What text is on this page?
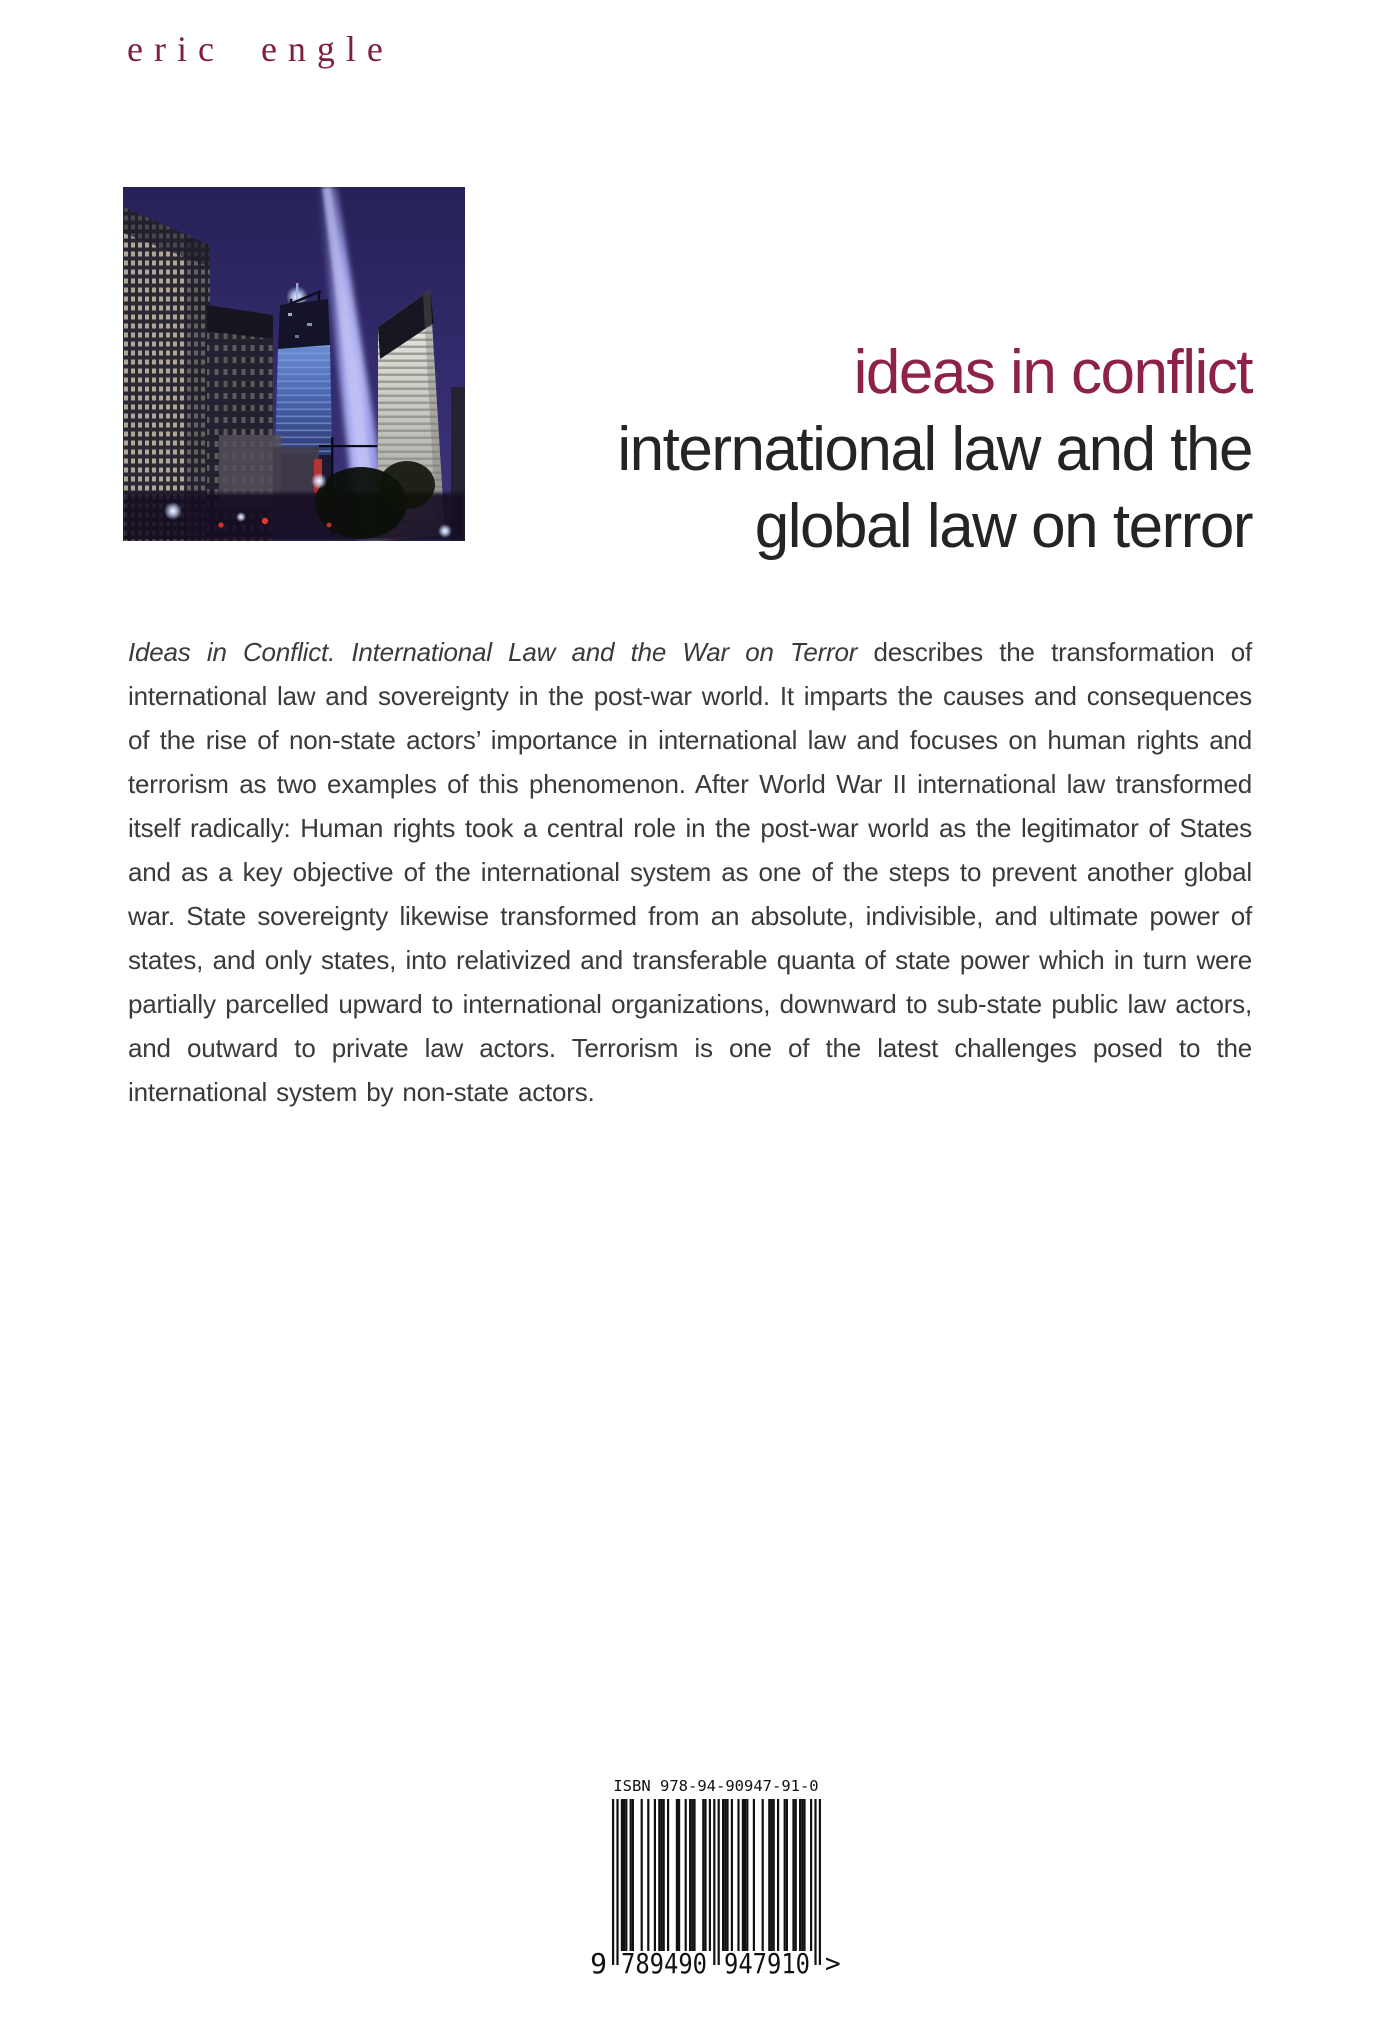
eric engle
ideas in conflict
international law and the
global law on terror

Ideas in Conflict. International Law and the War on Terror describes the transformation of international law and sovereignty in the post-war world. It imparts the causes and consequences of the rise of non-state actors’ importance in international law and focuses on human rights and terrorism as two examples of this phenomenon. After World War II international law transformed itself radically: Human rights took a central role in the post-war world as the legitimator of States and as a key objective of the international system as one of the steps to prevent another global war. State sovereignty likewise transformed from an absolute, indivisible, and ultimate power of states, and only states, into relativized and transferable quanta of state power which in turn were partially parcelled upward to international organizations, downward to sub-state public law actors, and outward to private law actors. Terrorism is one of the latest challenges posed to the international system by non-state actors.

ISBN 978-94-90947-91-0
9 789490 947910 >
